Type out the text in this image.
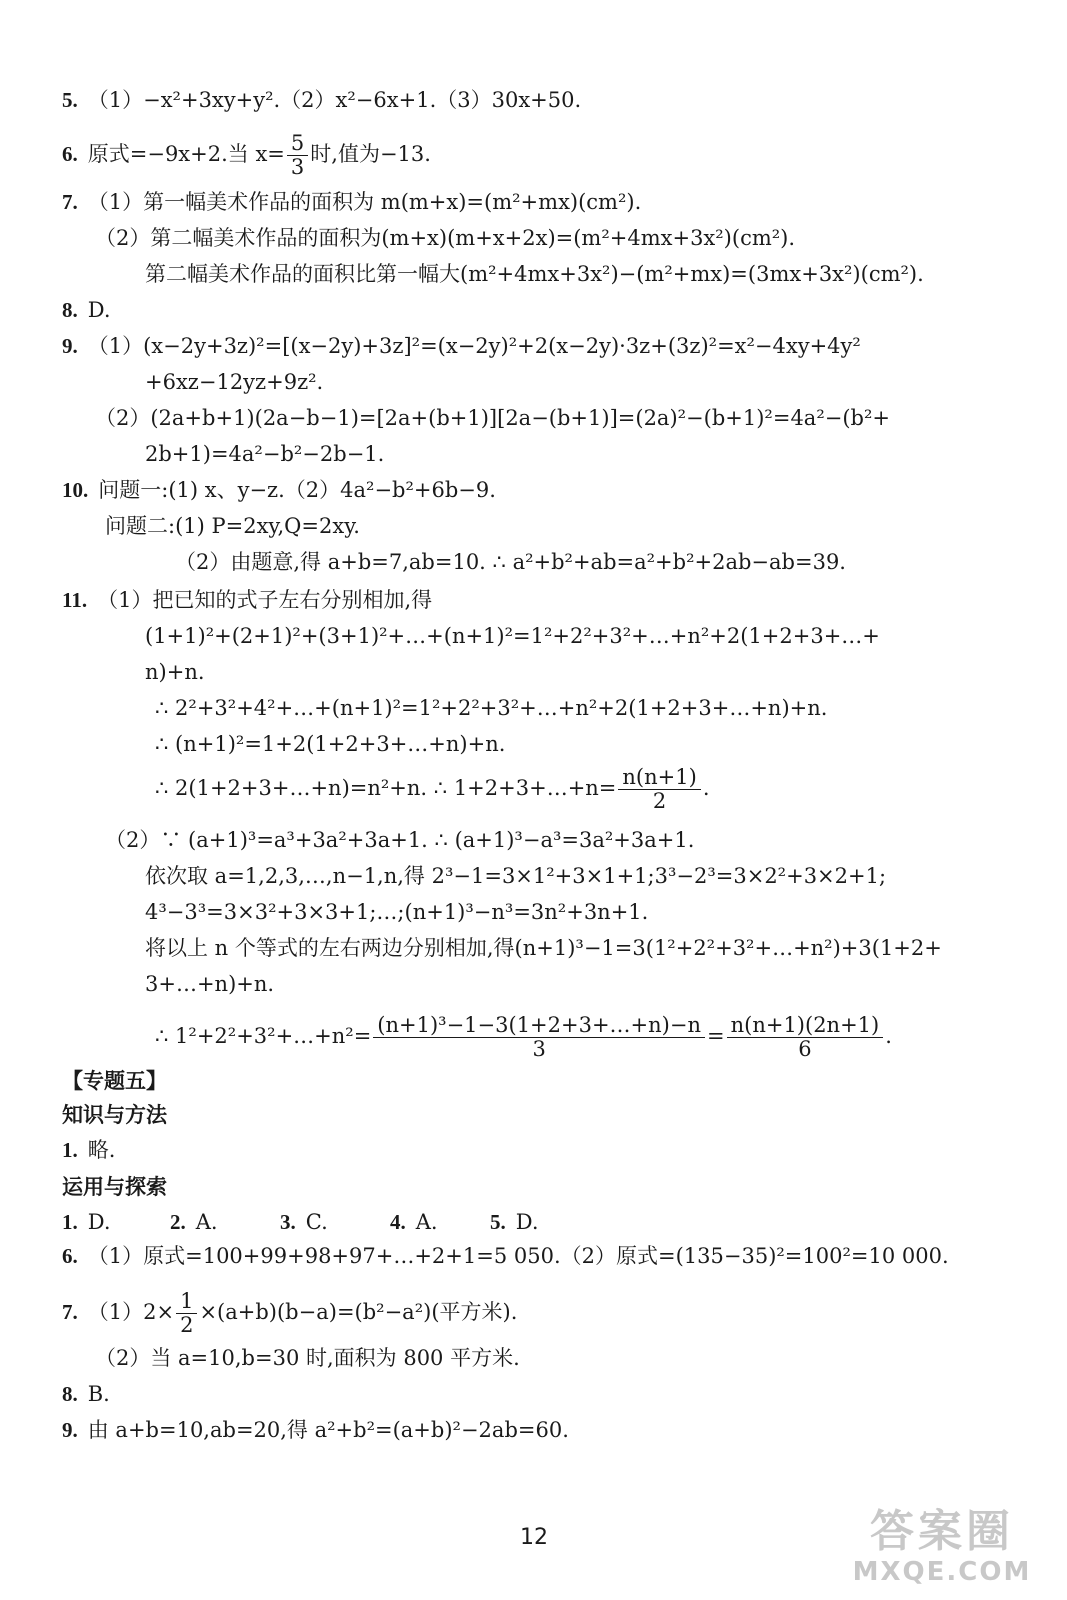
5. （1）−x²+3xy+y².（2）x²−6x+1.（3）30x+50.
6. 原式=−9x+2.当 $x= \frac{5}{3}$ 时,值为−13.
7. （1）第一幅美术作品的面积为 m(m+x)=(m²+mx)(cm²).
（2）第二幅美术作品的面积为(m+x)(m+x+2x)=(m²+4mx+3x²)(cm²).
第二幅美术作品的面积比第一幅大(m²+4mx+3x²)−(m²+mx)=(3mx+3x²)(cm²).
8. D.
9. （1）(x−2y+3z)²=[(x−2y)+3z]²=(x−2y)²+2(x−2y)·3z+(3z)²=x²−4xy+4y²
+6xz−12yz+9z².
（2）(2a+b+1)(2a−b−1)=[2a+(b+1)][2a−(b+1)]=(2a)²−(b+1)²=4a²−(b²+
2b+1)=4a²−b²−2b−1.
10. 问题一:(1) x、y−z.（2）4a²−b²+6b−9.
问题二:(1) P=2xy,Q=2xy.
（2）由题意,得 a+b=7,ab=10. ∴ a²+b²+ab=a²+b²+2ab−ab=39.
11. （1）把已知的式子左右分别相加,得
(1+1)²+(2+1)²+(3+1)²+…+(n+1)²=1²+2²+3²+…+n²+2(1+2+3+…+
n)+n.
∴ 2²+3²+4²+…+(n+1)²=1²+2²+3²+…+n²+2(1+2+3+…+n)+n.
∴ (n+1)²=1+2(1+2+3+…+n)+n.
∴ 2(1+2+3+…+n)=n²+n. ∴ 1+2+3+…+n= $\frac{n(n+1)}{2}$ .
（2）∵ (a+1)³=a³+3a²+3a+1. ∴ (a+1)³−a³=3a²+3a+1.
依次取 a=1,2,3,…,n−1,n,得 2³−1=3×1²+3×1+1;3³−2³=3×2²+3×2+1;
4³−3³=3×3²+3×3+1;…;(n+1)³−n³=3n²+3n+1.
将以上 n 个等式的左右两边分别相加,得(n+1)³−1=3(1²+2²+3²+…+n²)+3(1+2+
3+…+n)+n.
∴ 1²+2²+3²+…+n²= $\frac{\text{(n+1)³−1−3(1+2+3+…+n)−n}}{3} = \frac{n(n+1)(2n+1)}{6}$ .
【专题五】
知识与方法
1. 略.
运用与探索
1. D.	2. A.	3. C.	4. A. 5. D.
6. （1）原式=100+99+98+97+…+2+1=5 050.（2）原式=(135−35)²=100²=10 000.
7. $(1)2\times \frac{1}{2} \times(a+b)(b-a)=(b^2-a^2)$(平方米).
（2）当 a=10,b=30 时,面积为 800 平方米.
8. B.
9. 由 a+b=10,ab=20,得 a²+b²=(a+b)²−2ab=60.
12	答案圈
MXQE.COM
